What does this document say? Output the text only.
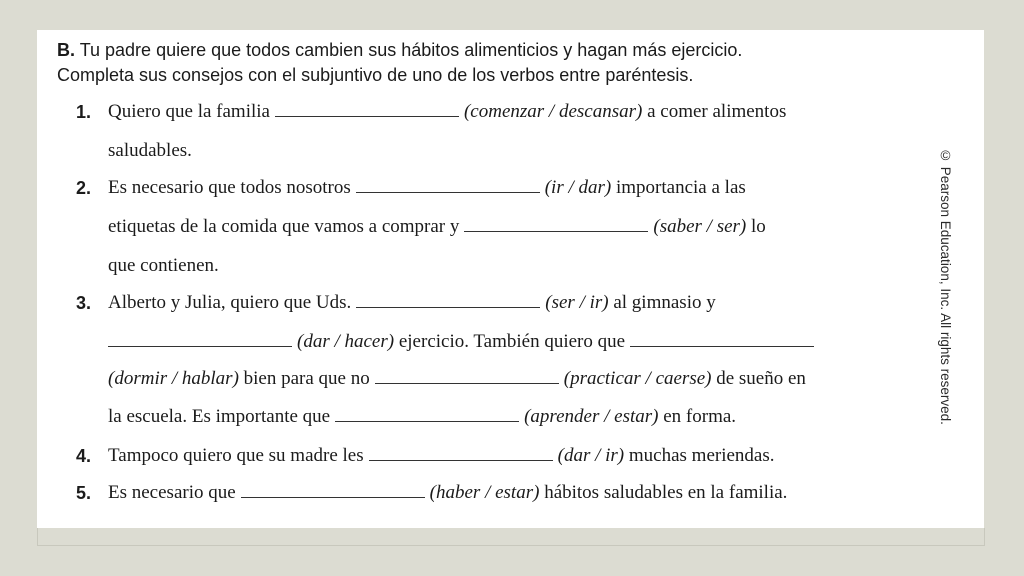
B. Tu padre quiere que todos cambien sus hábitos alimenticios y hagan más ejercicio.
Completa sus consejos con el subjuntivo de uno de los verbos entre paréntesis.
1. Quiero que la familia	(comenzar / descansar) a comer alimentos
saludables.
2. Es necesario que todos nosotros	(ir / dar) importancia a las
etiquetas de la comida que vamos a comprar y	(saber / ser) lo
que contienen.
3. Alberto y Julia, quiero que Uds.	(ser / ir) al gimnasio y
(dar / hacer) ejercicio. También quiero que
(dormir / hablar) bien para que no	(practicar / caerse) de sueño en
la escuela. Es importante que	(aprender / estar) en forma.
4. Tampoco quiero que su madre les	(dar / ir) muchas meriendas.
5. Es necesario que	(haber / estar) hábitos saludables en la familia.
© Pearson Education, Inc. All rights reserved.
